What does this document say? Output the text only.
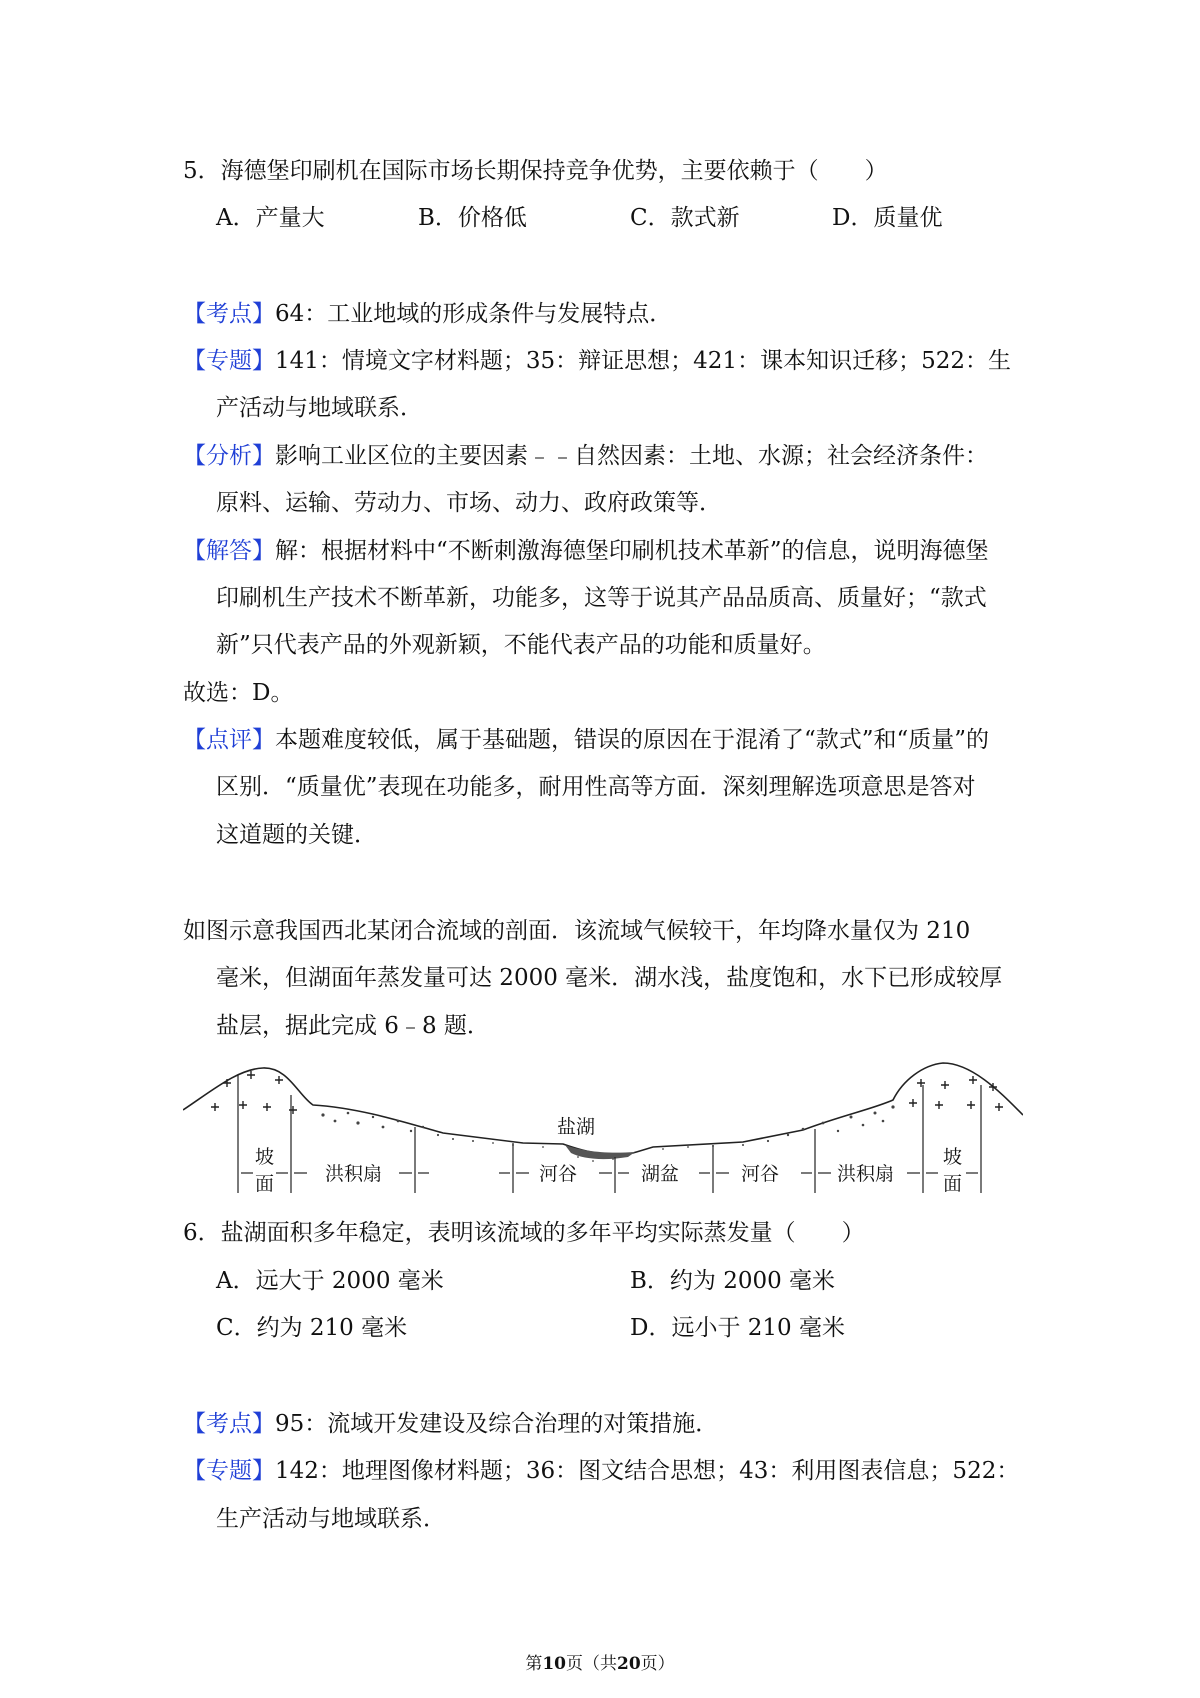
5．海德堡印刷机在国际市场长期保持竞争优势，主要依赖于（　　）
A．产量大	B．价格低	C．款式新	D．质量优
【考点】64：工业地域的形成条件与发展特点．
【专题】141：情境文字材料题；35：辩证思想；421：课本知识迁移；522：生
产活动与地域联系．
【分析】影响工业区位的主要因素﹣﹣自然因素：土地、水源；社会经济条件：
原料、运输、劳动力、市场、动力、政府政策等．
【解答】解：根据材料中“不断刺激海德堡印刷机技术革新”的信息，说明海德堡
印刷机生产技术不断革新，功能多，这等于说其产品品质高、质量好；“款式
新”只代表产品的外观新颖，不能代表产品的功能和质量好。
故选：D。
【点评】本题难度较低，属于基础题，错误的原因在于混淆了“款式”和“质量”的
区别．“质量优”表现在功能多，耐用性高等方面．深刻理解选项意思是答对
这道题的关键．
如图示意我国西北某闭合流域的剖面．该流域气候较干，年均降水量仅为 210
毫米，但湖面年蒸发量可达 2000 毫米．湖水浅，盐度饱和，水下已形成较厚
盐层，据此完成 6﹣8 题．
盐湖
坡
面	洪积扇	河谷	湖盆	河谷	洪积扇
坡
面
6．盐湖面积多年稳定，表明该流域的多年平均实际蒸发量（　　）
A．远大于 2000 毫米	B．约为 2000 毫米
C．约为 210 毫米	D．远小于 210 毫米
【考点】95：流域开发建设及综合治理的对策措施．
【专题】142：地理图像材料题；36：图文结合思想；43：利用图表信息；522：
生产活动与地域联系．
第10页（共20页）
